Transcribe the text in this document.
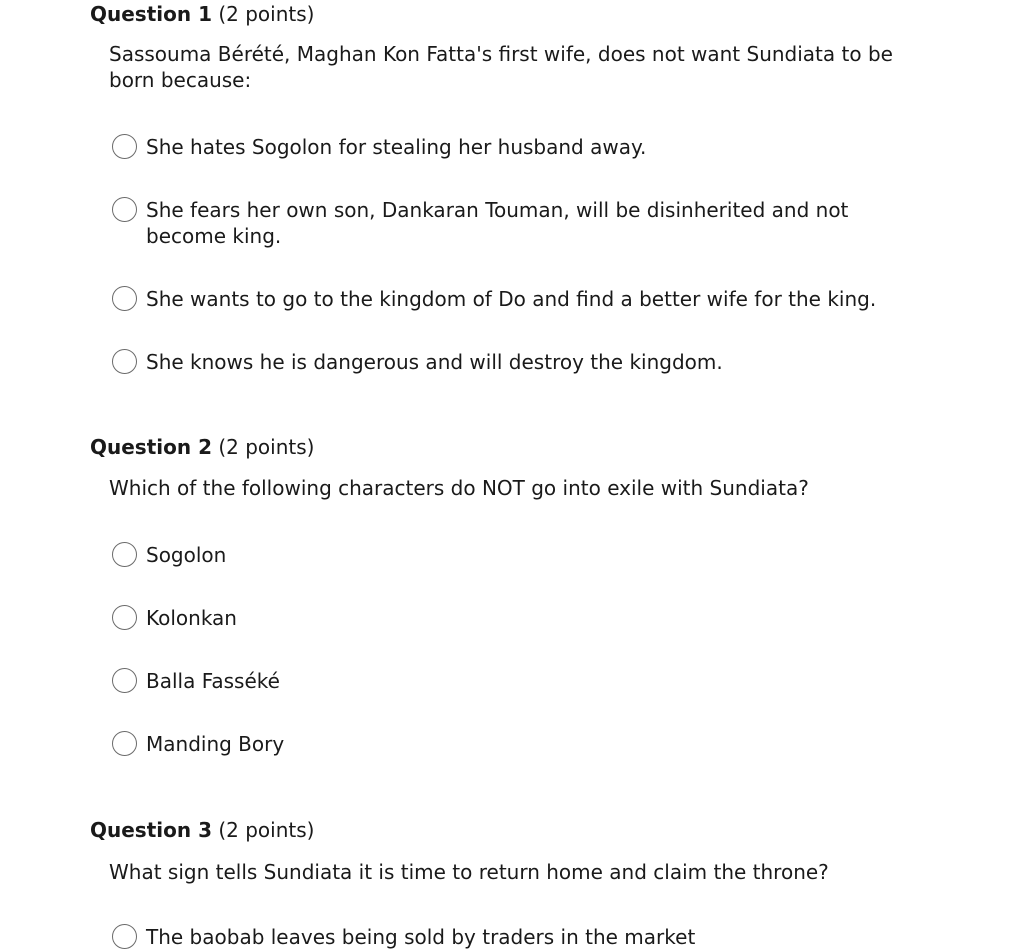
Question 1 (2 points)
Sassouma Bérété, Maghan Kon Fatta's first wife, does not want Sundiata to be born because:
She hates Sogolon for stealing her husband away.
She fears her own son, Dankaran Touman, will be disinherited and not become king.
She wants to go to the kingdom of Do and find a better wife for the king.
She knows he is dangerous and will destroy the kingdom.
Question 2 (2 points)
Which of the following characters do NOT go into exile with Sundiata?
Sogolon
Kolonkan
Balla Fasséké
Manding Bory
Question 3 (2 points)
What sign tells Sundiata it is time to return home and claim the throne?
The baobab leaves being sold by traders in the market
